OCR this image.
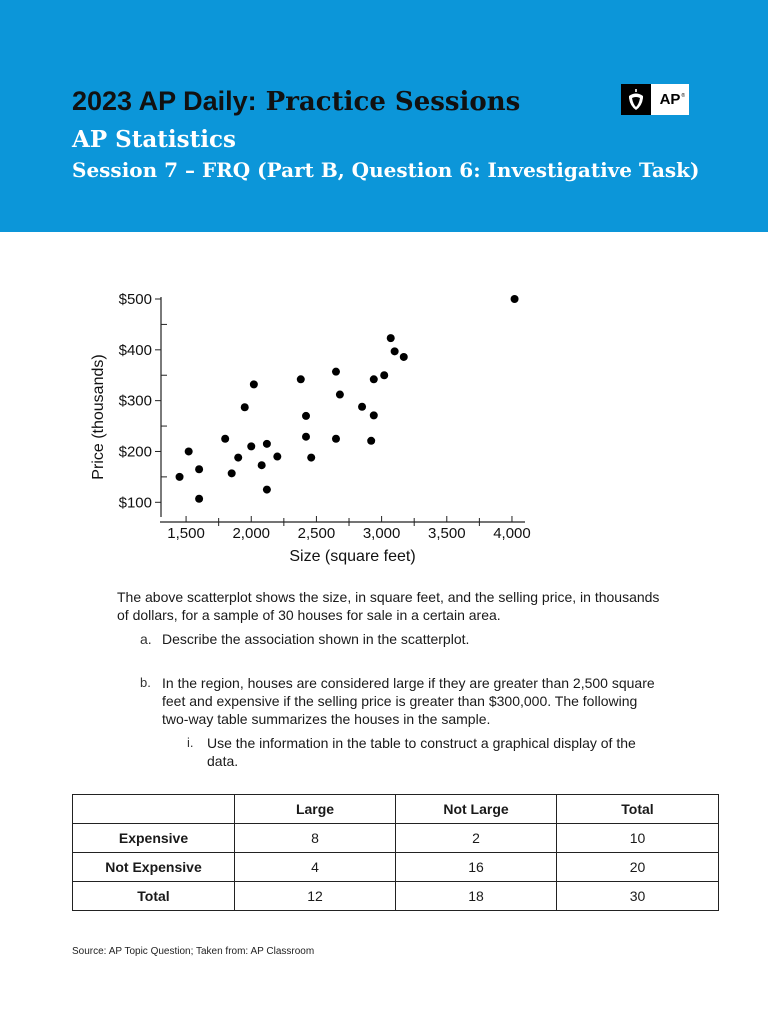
2023 AP Daily: Practice Sessions
AP Statistics
Session 7 – FRQ (Part B, Question 6: Investigative Task)
AP®
$100
$200
$300
$400
$500
1,500 2,000 2,500 3,000 3,500 4,000
Size (square feet)
Price (thousands)

The above scatterplot shows the size, in square feet, and the selling price, in thousands of dollars, for a sample of 30 houses for sale in a certain area.

a. Describe the association shown in the scatterplot.
b. In the region, houses are considered large if they are greater than 2,500 square feet and expensive if the selling price is greater than $300,000. The following two-way table summarizes the houses in the sample.
i. Use the information in the table to construct a graphical display of the data.
	Large	Not Large	Total
Expensive	8	2	10
Not Expensive	4	16	20
Total	12	18	30

Source: AP Topic Question; Taken from: AP Classroom
